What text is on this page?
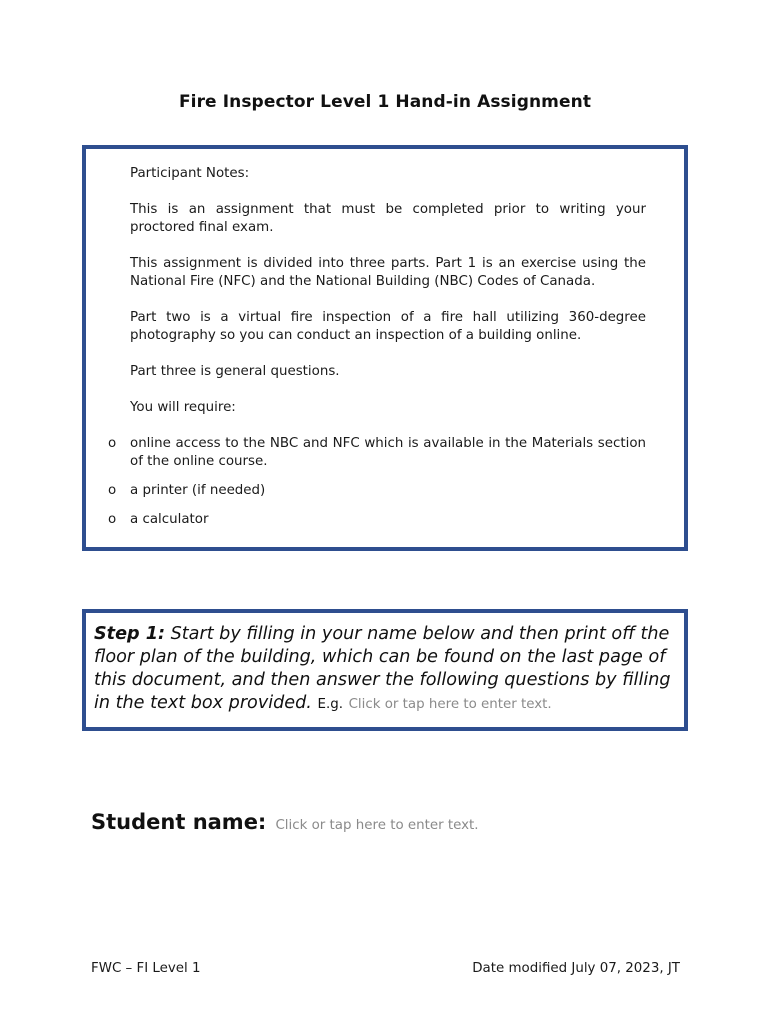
Fire Inspector Level 1 Hand-in Assignment

Participant Notes:

This is an assignment that must be completed prior to writing your proctored final exam.

This assignment is divided into three parts. Part 1 is an exercise using the National Fire (NFC) and the National Building (NBC) Codes of Canada.

Part two is a virtual fire inspection of a fire hall utilizing 360-degree photography so you can conduct an inspection of a building online.

Part three is general questions.

You will require:

o online access to the NBC and NFC which is available in the Materials section of the online course.
o a printer (if needed)
o a calculator
Step 1: Start by filling in your name below and then print off the floor plan of the building, which can be found on the last page of this document, and then answer the following questions by filling in the text box provided. E.g. Click or tap here to enter text.
Student name: Click or tap here to enter text.
FWC – FI Level 1	Date modified July 07, 2023, JT
